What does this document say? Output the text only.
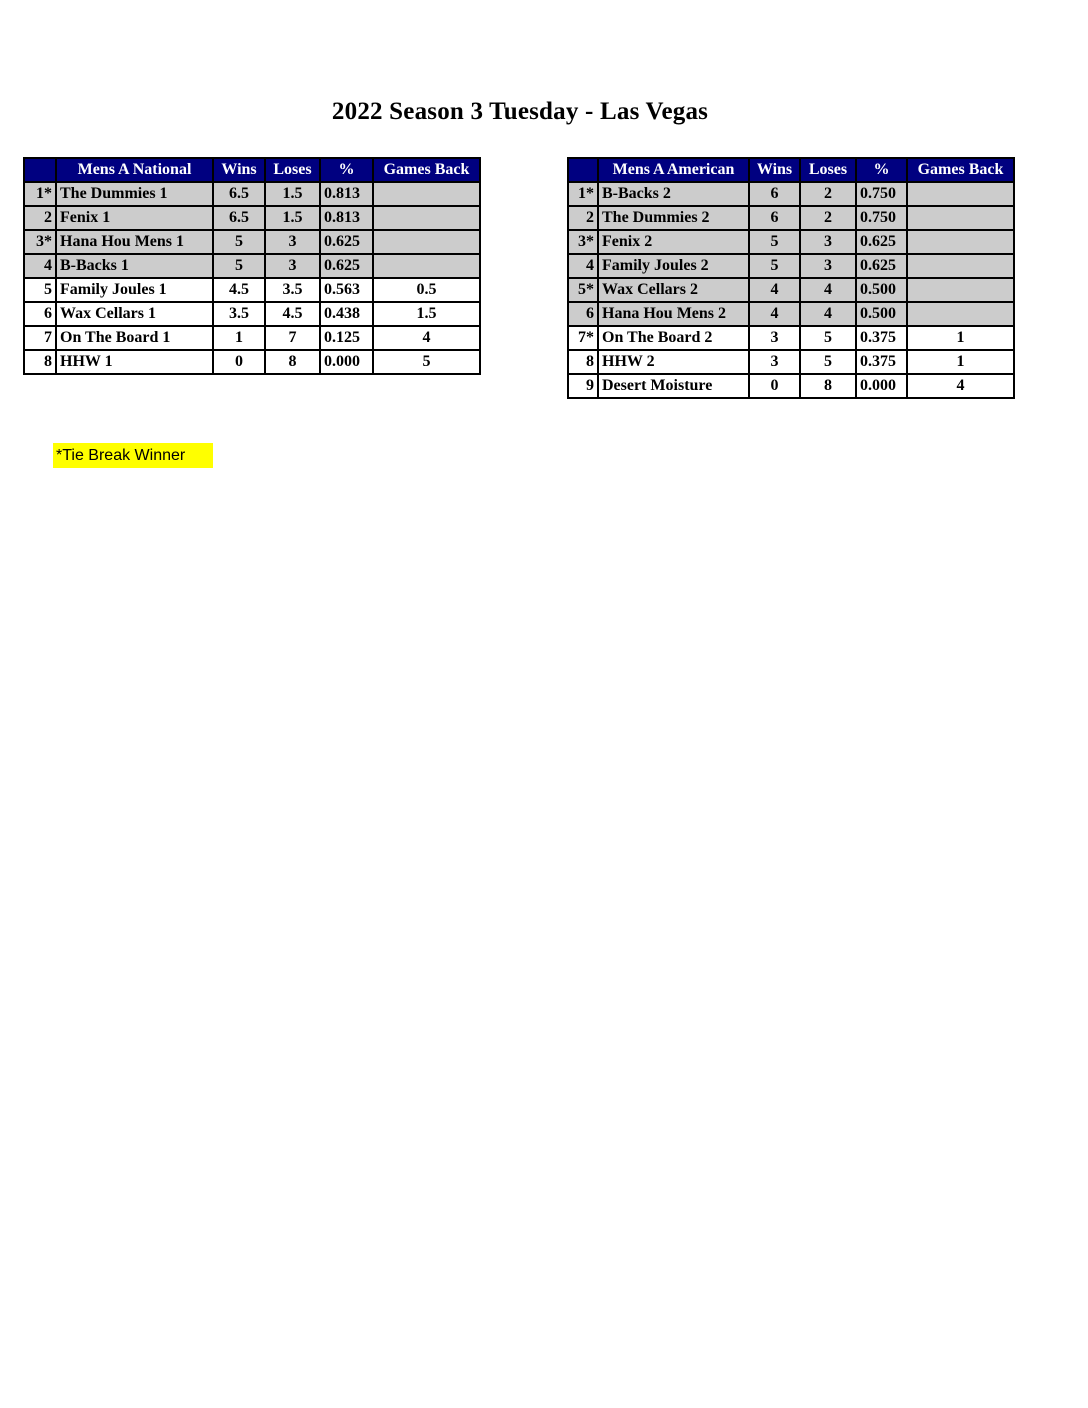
2022 Season 3 Tuesday - Las Vegas
	Mens A National	Wins	Loses	%	Games Back
1*	The Dummies 1	6.5	1.5	0.813	
2	Fenix 1	6.5	1.5	0.813	
3*	Hana Hou Mens 1	5	3	0.625	
4	B-Backs 1	5	3	0.625	
5	Family Joules 1	4.5	3.5	0.563	0.5
6	Wax Cellars 1	3.5	4.5	0.438	1.5
7	On The Board 1	1	7	0.125	4
8	HHW 1	0	8	0.000	5
	Mens A American	Wins	Loses	%	Games Back
1*	B-Backs 2	6	2	0.750	
2	The Dummies 2	6	2	0.750	
3*	Fenix 2	5	3	0.625	
4	Family Joules 2	5	3	0.625	
5*	Wax Cellars 2	4	4	0.500	
6	Hana Hou Mens 2	4	4	0.500	
7*	On The Board 2	3	5	0.375	1
8	HHW 2	3	5	0.375	1
9	Desert Moisture	0	8	0.000	4
*Tie Break Winner
